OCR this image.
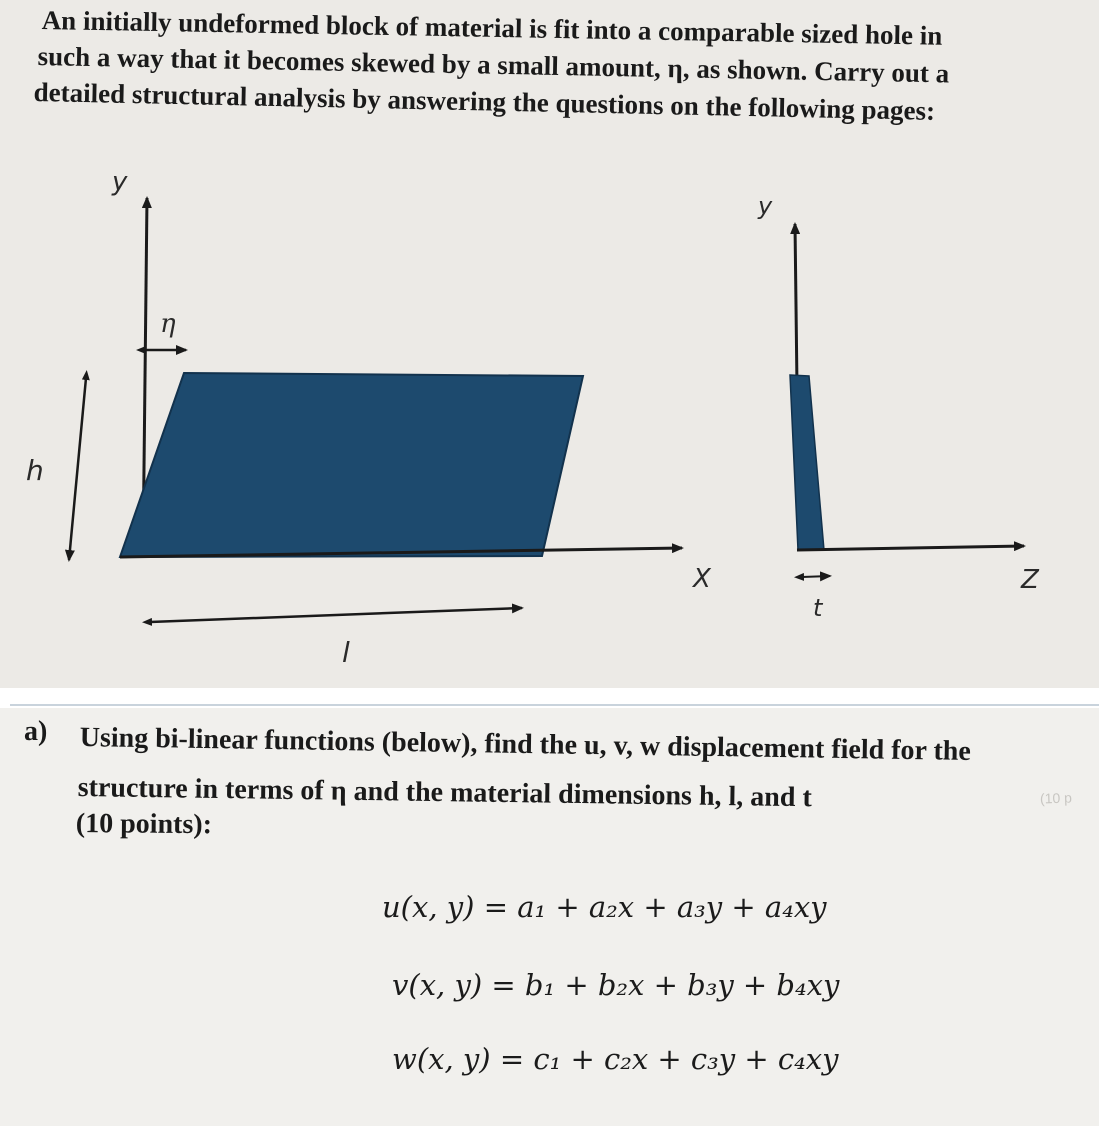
An initially undeformed block of material is fit into a comparable sized hole in

such a way that it becomes skewed by a small amount, η, as shown. Carry out a

detailed structural analysis by answering the questions on the following pages:

y
η
X
h
l
y
Z
t

a) Using bi-linear functions (below), find the u, v, w displacement field for the

structure in terms of η and the material dimensions h, l, and t

(10 points):

(10 p

u(x, y) = a₁ + a₂x + a₃y + a₄xy

v(x, y) = b₁ + b₂x + b₃y + b₄xy

w(x, y) = c₁ + c₂x + c₃y + c₄xy
